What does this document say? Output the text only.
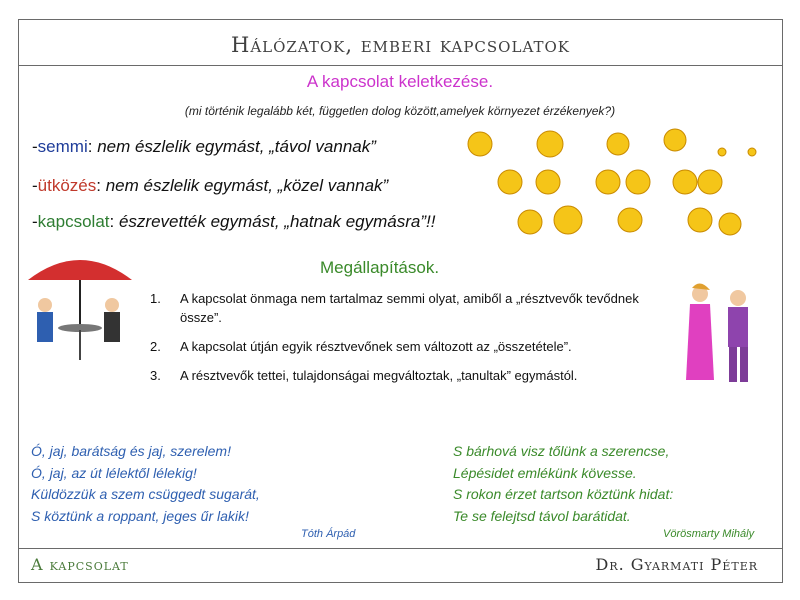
Hálózatok, emberi kapcsolatok
A kapcsolat	Dr. Gyarmati Péter
A kapcsolat keletkezése.
(mi történik legalább két, független dolog között,amelyek környezet érzékenyek?)
-semmi: nem észlelik egymást, „távol vannak”
-ütközés: nem észlelik egymást, „közel vannak”
-kapcsolat: észrevették egymást, „hatnak egymásra”!!
Megállapítások.
1. A kapcsolat önmaga nem tartalmaz semmi olyat, amiből a „résztvevők tevődnek össze”.
2. A kapcsolat útján egyik résztvevőnek sem változott az „összetétele”.
3. A résztvevők tettei, tulajdonságai megváltoztak, „tanultak” egymástól.
Ó, jaj, barátság és jaj, szerelem!
Ó, jaj, az út lélektől lélekig!
Küldözzük a szem csüggedt sugarát,
S köztünk a roppant, jeges űr lakik!
Tóth Árpád
S bárhová visz tőlünk a szerencse,
Lépésidet emlékünk kövesse.
S rokon érzet tartson köztünk hidat:
Te se felejtsd távol barátidat.
Vörösmarty Mihály
